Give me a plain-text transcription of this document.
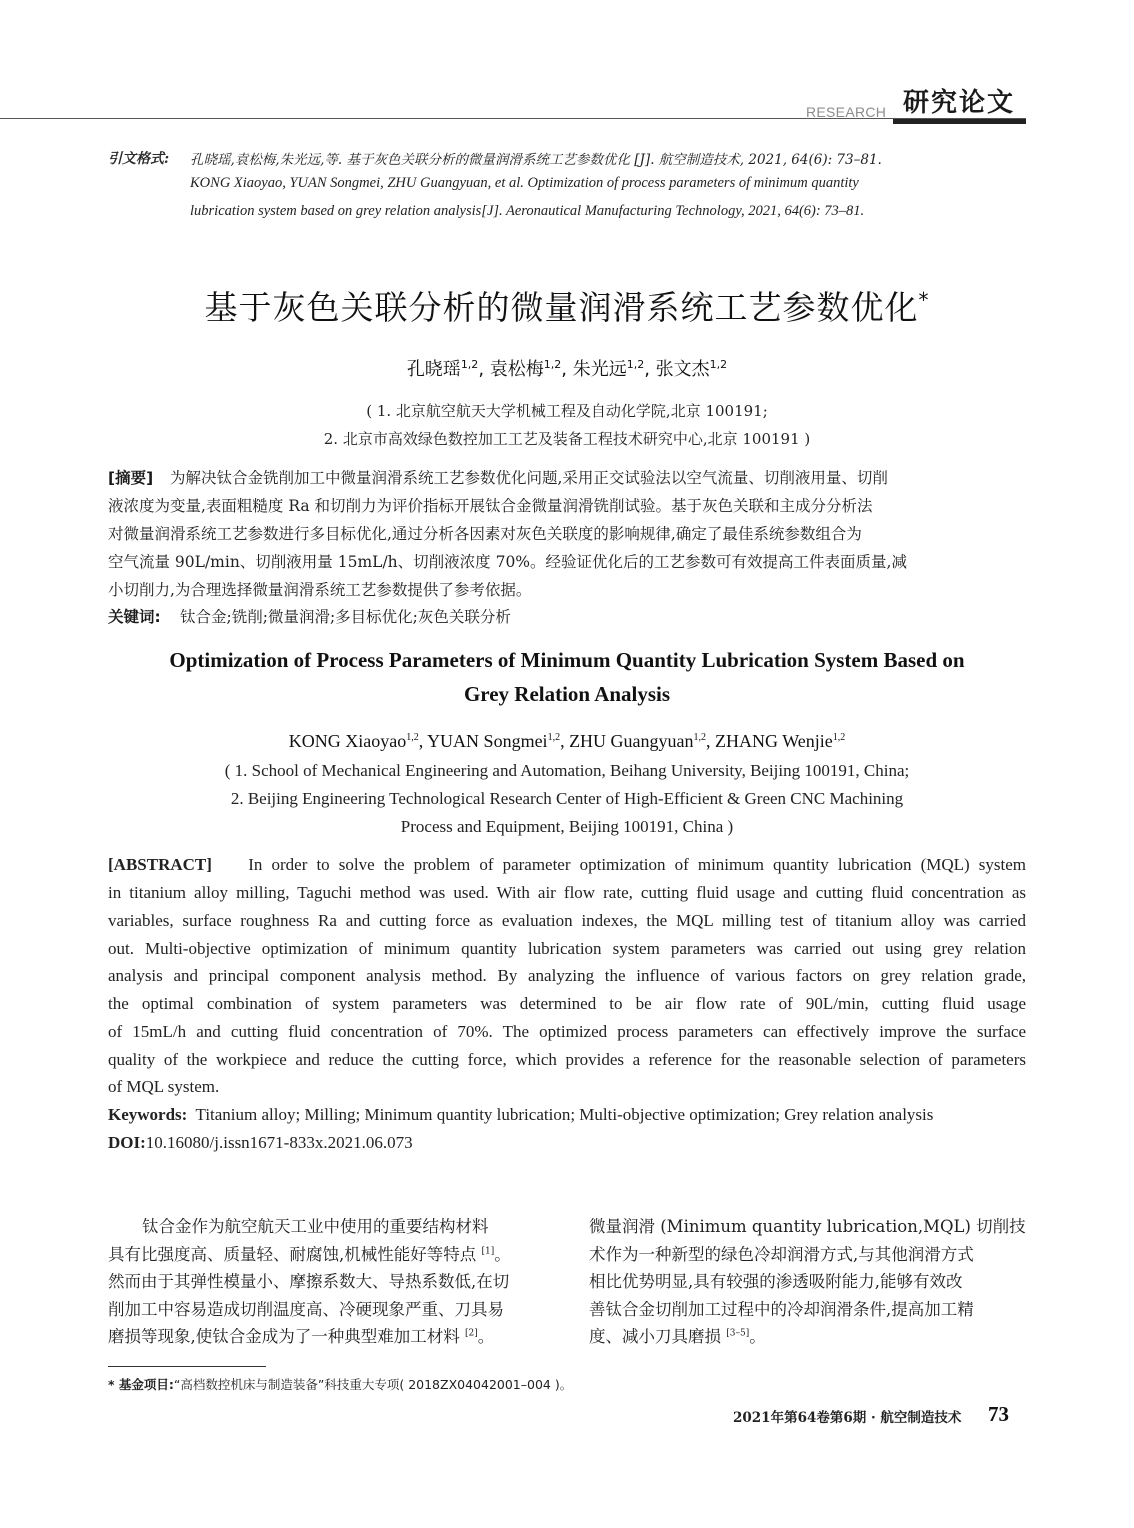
RESEARCH 研究论文
引文格式: 孔晓瑶,袁松梅,朱光远,等. 基于灰色关联分析的微量润滑系统工艺参数优化 [J]. 航空制造技术, 2021, 64(6): 73–81.
KONG Xiaoyao, YUAN Songmei, ZHU Guangyuan, et al. Optimization of process parameters of minimum quantity
lubrication system based on grey relation analysis[J]. Aeronautical Manufacturing Technology, 2021, 64(6): 73–81.
基于灰色关联分析的微量润滑系统工艺参数优化*
孔晓瑶$^{1,2}$, 袁松梅$^{1,2}$, 朱光远$^{1,2}$, 张文杰$^{1,2}$
( 1. 北京航空航天大学机械工程及自动化学院,北京 100191;
2. 北京市高效绿色数控加工工艺及装备工程技术研究中心,北京 100191 )
[摘要] 为解决钛合金铣削加工中微量润滑系统工艺参数优化问题,采用正交试验法以空气流量、切削液用量、切削
液浓度为变量,表面粗糙度 Ra 和切削力为评价指标开展钛合金微量润滑铣削试验。基于灰色关联和主成分分析法
对微量润滑系统工艺参数进行多目标优化,通过分析各因素对灰色关联度的影响规律,确定了最佳系统参数组合为
空气流量 90L/min、切削液用量 15mL/h、切削液浓度 70%。经验证优化后的工艺参数可有效提高工件表面质量,减
小切削力,为合理选择微量润滑系统工艺参数提供了参考依据。
关键词: 钛合金;铣削;微量润滑;多目标优化;灰色关联分析
Optimization of Process Parameters of Minimum Quantity Lubrication System Based on
Grey Relation Analysis
KONG Xiaoyao$^{1,2}$, YUAN Songmei$^{1,2}$, ZHU Guangyuan$^{1,2}$, ZHANG Wenjie$^{1,2}$
( 1. School of Mechanical Engineering and Automation, Beihang University, Beijing 100191, China;
2. Beijing Engineering Technological Research Center of High-Efficient & Green CNC Machining
Process and Equipment, Beijing 100191, China )
[ABSTRACT] In order to solve the problem of parameter optimization of minimum quantity lubrication (MQL) system
in titanium alloy milling, Taguchi method was used. With air flow rate, cutting fluid usage and cutting fluid concentration as
variables, surface roughness Ra and cutting force as evaluation indexes, the MQL milling test of titanium alloy was carried
out. Multi-objective optimization of minimum quantity lubrication system parameters was carried out using grey relation
analysis and principal component analysis method. By analyzing the influence of various factors on grey relation grade,
the optimal combination of system parameters was determined to be air flow rate of 90L/min, cutting fluid usage
of 15mL/h and cutting fluid concentration of 70%. The optimized process parameters can effectively improve the surface
quality of the workpiece and reduce the cutting force, which provides a reference for the reasonable selection of parameters
of MQL system.
Keywords: Titanium alloy; Milling; Minimum quantity lubrication; Multi-objective optimization; Grey relation analysis
DOI:10.16080/j.issn1671-833x.2021.06.073
钛合金作为航空航天工业中使用的重要结构材料
具有比强度高、质量轻、耐腐蚀,机械性能好等特点 [1]。
然而由于其弹性模量小、摩擦系数大、导热系数低,在切
削加工中容易造成切削温度高、冷硬现象严重、刀具易
磨损等现象,使钛合金成为了一种典型难加工材料 [2]。
微量润滑 (Minimum quantity lubrication,MQL) 切削技
术作为一种新型的绿色冷却润滑方式,与其他润滑方式
相比优势明显,具有较强的渗透吸附能力,能够有效改
善钛合金切削加工过程中的冷却润滑条件,提高加工精
度、减小刀具磨损 [3–5]。
* 基金项目:“高档数控机床与制造装备”科技重大专项( 2018ZX04042001–004 )。
2021年第64卷第6期 · 航空制造技术 73
